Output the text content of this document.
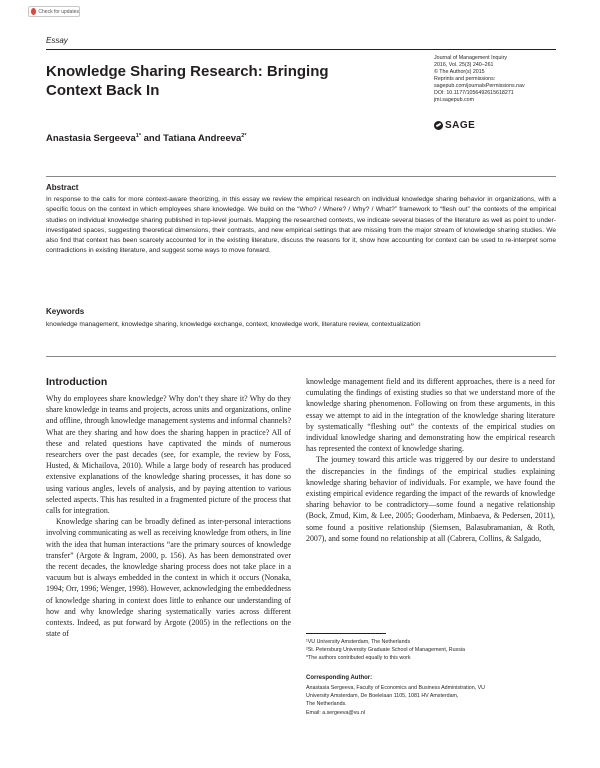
Check for updates
Essay
Knowledge Sharing Research: Bringing Context Back In
Journal of Management Inquiry
2016, Vol. 25(3) 240–261
© The Author(s) 2015
Reprints and permissions:
sagepub.com/journalsPermissions.nav
DOI: 10.1177/1056492615618271
jmi.sagepub.com
SAGE
Anastasia Sergeeva$^{1*}$ and Tatiana Andreeva$^{2*}$
Abstract

In response to the calls for more context-aware theorizing, in this essay we review the empirical research on individual knowledge sharing behavior in organizations, with a specific focus on the context in which employees share knowledge. We build on the “Who? / Where? / Why? / What?” framework to “flesh out” the contexts of the empirical studies on individual knowledge sharing published in top-level journals. Mapping the researched contexts, we indicate several biases of the literature as well as point to under-investigated spaces, suggesting theoretical dimensions, their contrasts, and new empirical settings that are missing from the major stream of knowledge sharing studies. We also find that context has been scarcely accounted for in the existing literature, discuss the reasons for it, show how accounting for context can be used to re-interpret some contradictions in existing literature, and suggest some ways to move forward.

Keywords

knowledge management, knowledge sharing, knowledge exchange, context, knowledge work, literature review, contextualization

Introduction

Why do employees share knowledge? Why don’t they share it? Why do they share knowledge in teams and projects, across units and organizations, online and offline, through knowledge management systems and informal channels? What are they sharing and how does the sharing happen in practice? All of these and related questions have captivated the minds of numerous researchers over the past decades (see, for example, the review by Foss, Husted, & Michailova, 2010). While a large body of research has produced extensive explanations of the knowledge sharing processes, it has done so using various angles, levels of analysis, and by paying attention to various selected aspects. This has resulted in a fragmented picture of the process that calls for integration.

Knowledge sharing can be broadly defined as inter-personal interactions involving communicating as well as receiving knowledge from others, in line with the idea that human interactions “are the primary sources of knowledge transfer” (Argote & Ingram, 2000, p. 156). As has been demonstrated over the recent decades, the knowledge sharing process does not take place in a vacuum but is always embedded in the context in which it occurs (Nonaka, 1994; Orr, 1996; Wenger, 1998). However, acknowledging the embeddedness of knowledge sharing in context does little to enhance our understanding of how and why knowledge sharing systematically varies across different contexts. Indeed, as put forward by Argote (2005) in the reflections on the state of

knowledge management field and its different approaches, there is a need for cumulating the findings of existing studies so that we understand more of the knowledge sharing phenomenon. Following on from these arguments, in this essay we attempt to aid in the integration of the knowledge sharing literature by systematically “fleshing out” the contexts of the empirical studies on individual knowledge sharing and demonstrating how the empirical research has represented the context of knowledge sharing.

The journey toward this article was triggered by our desire to understand the discrepancies in the findings of the empirical studies explaining knowledge sharing behavior of individuals. For example, we have found the existing empirical evidence regarding the impact of the rewards of knowledge sharing behavior to be contradictory—some found a negative relationship (Bock, Zmud, Kim, & Lee, 2005; Gooderham, Minbaeva, & Pedersen, 2011), some found a positive relationship (Siemsen, Balasubramanian, & Roth, 2007), and some found no relationship at all (Cabrera, Collins, & Salgado,

¹VU University Amsterdam, The Netherlands
²St. Petersburg University Graduate School of Management, Russia
*The authors contributed equally to this work
Corresponding Author:
Anastasia Sergeeva, Faculty of Economics and Business Administration, VU
University Amsterdam, De Boelelaan 1105, 1081 HV Amsterdam,
The Netherlands.
Email: a.sergeeva@vu.nl
